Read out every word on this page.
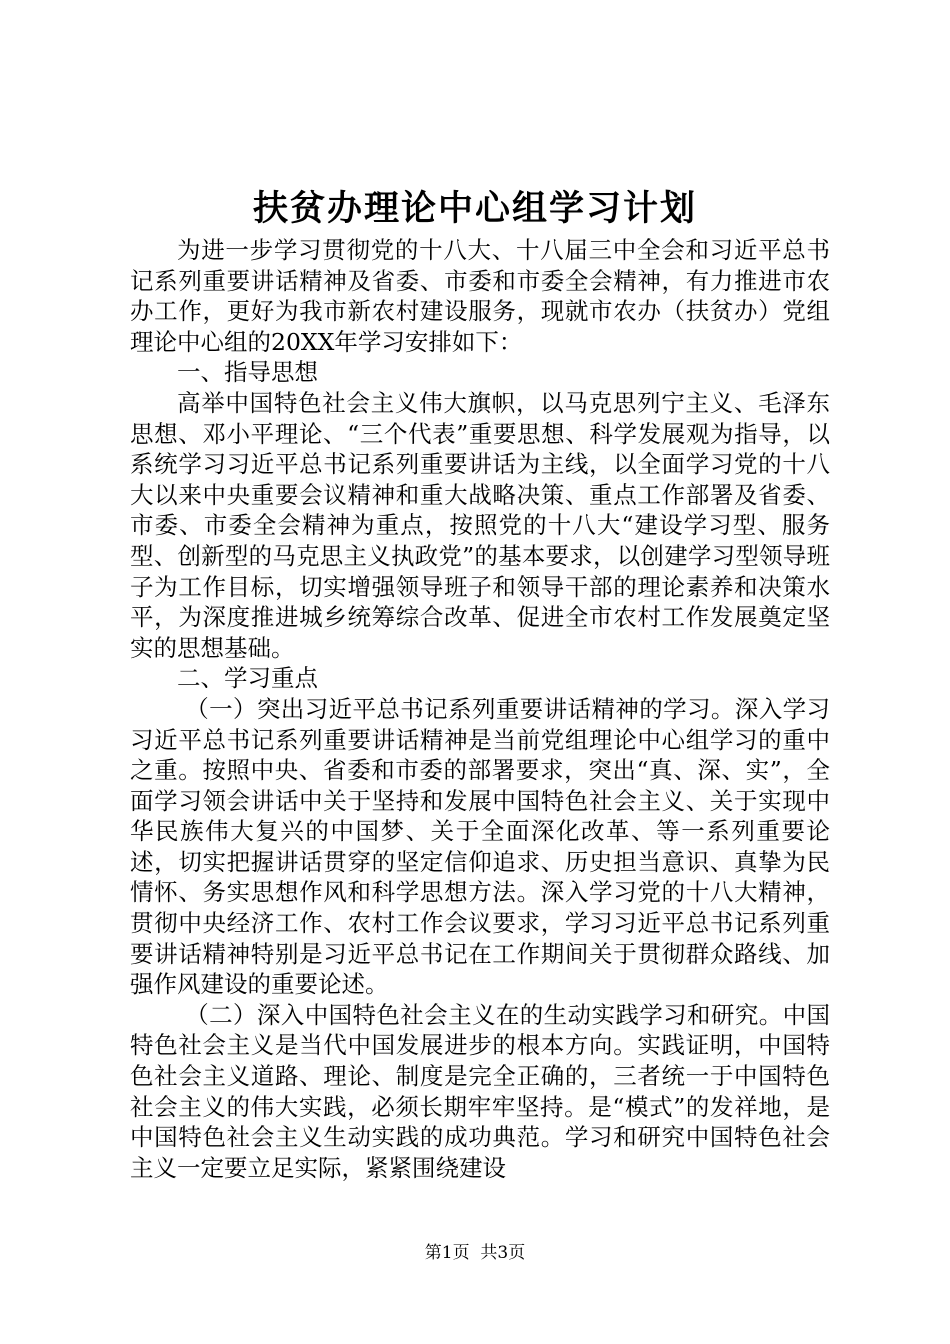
扶贫办理论中心组学习计划

为进一步学习贯彻党的十八大、十八届三中全会和习近平总书记系列重要讲话精神及省委、市委和市委全会精神，有力推进市农办工作，更好为我市新农村建设服务，现就市农办（扶贫办）党组理论中心组的20XX年学习安排如下：

一、指导思想

高举中国特色社会主义伟大旗帜，以马克思列宁主义、毛泽东思想、邓小平理论、“三个代表”重要思想、科学发展观为指导，以系统学习习近平总书记系列重要讲话为主线，以全面学习党的十八大以来中央重要会议精神和重大战略决策、重点工作部署及省委、市委、市委全会精神为重点，按照党的十八大“建设学习型、服务型、创新型的马克思主义执政党”的基本要求，以创建学习型领导班子为工作目标，切实增强领导班子和领导干部的理论素养和决策水平，为深度推进城乡统筹综合改革、促进全市农村工作发展奠定坚实的思想基础。

二、学习重点

（一）突出习近平总书记系列重要讲话精神的学习。深入学习习近平总书记系列重要讲话精神是当前党组理论中心组学习的重中之重。按照中央、省委和市委的部署要求，突出“真、深、实”，全面学习领会讲话中关于坚持和发展中国特色社会主义、关于实现中华民族伟大复兴的中国梦、关于全面深化改革、等一系列重要论述，切实把握讲话贯穿的坚定信仰追求、历史担当意识、真挚为民情怀、务实思想作风和科学思想方法。深入学习党的十八大精神，贯彻中央经济工作、农村工作会议要求，学习习近平总书记系列重要讲话精神特别是习近平总书记在工作期间关于贯彻群众路线、加强作风建设的重要论述。

（二）深入中国特色社会主义在的生动实践学习和研究。中国特色社会主义是当代中国发展进步的根本方向。实践证明，中国特色社会主义道路、理论、制度是完全正确的，三者统一于中国特色社会主义的伟大实践，必须长期牢牢坚持。是“模式”的发祥地，是中国特色社会主义生动实践的成功典范。学习和研究中国特色社会主义一定要立足实际，紧紧围绕建设

第1页  共3页
